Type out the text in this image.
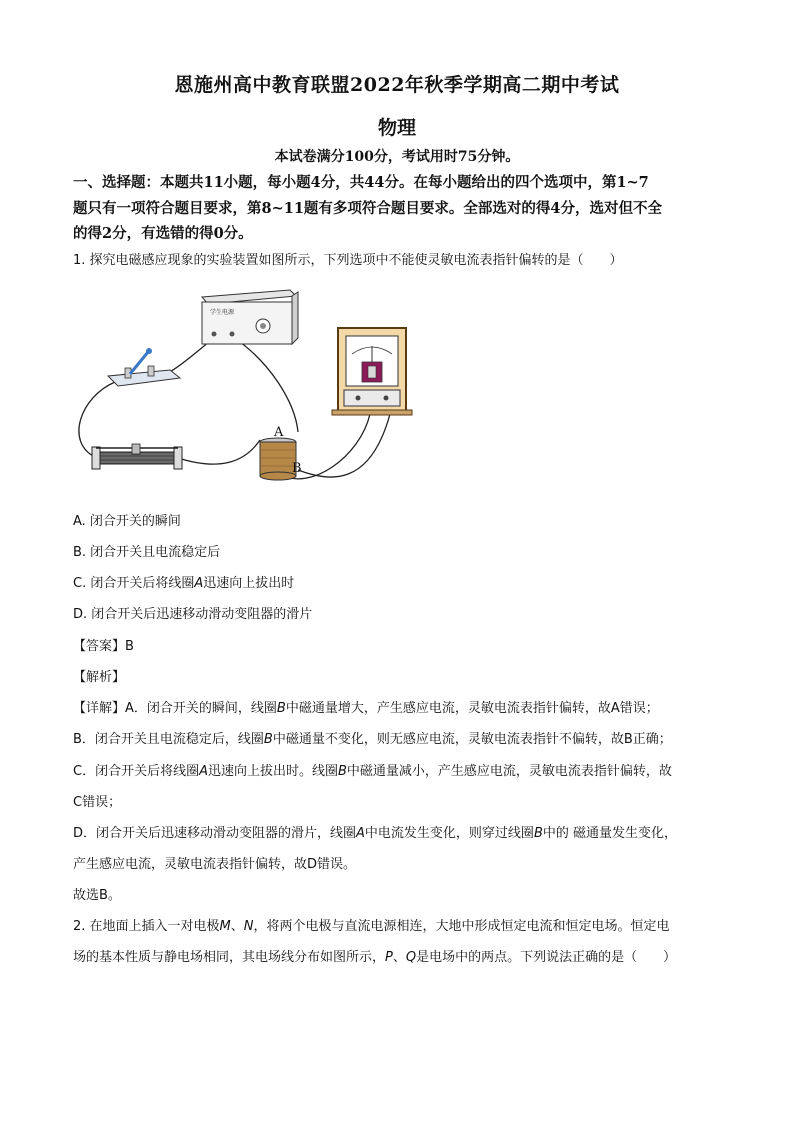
恩施州高中教育联盟2022年秋季学期高二期中考试
物理
本试卷满分100分，考试用时75分钟。
一、选择题：本题共11小题，每小题4分，共44分。在每小题给出的四个选项中，第1~7
题只有一项符合题目要求，第8~11题有多项符合题目要求。全部选对的得4分，选对但不全
的得2分，有选错的得0分。
1. 探究电磁感应现象的实验装置如图所示，下列选项中不能使灵敏电流表指针偏转的是（　　）
学生电源
A
B
A. 闭合开关的瞬间
B. 闭合开关且电流稳定后
C. 闭合开关后将线圈A迅速向上拔出时
D. 闭合开关后迅速移动滑动变阻器的滑片
【答案】B
【解析】
【详解】A．闭合开关的瞬间，线圈B中磁通量增大，产生感应电流，灵敏电流表指针偏转，故A错误；
B．闭合开关且电流稳定后，线圈B中磁通量不变化，则无感应电流，灵敏电流表指针不偏转，故B正确；
C．闭合开关后将线圈A迅速向上拔出时。线圈B中磁通量减小，产生感应电流，灵敏电流表指针偏转，故
C错误；
D．闭合开关后迅速移动滑动变阻器的滑片，线圈A中电流发生变化，则穿过线圈B中的 磁通量发生变化，
产生感应电流，灵敏电流表指针偏转，故D错误。
故选B。
2. 在地面上插入一对电极M、N，将两个电极与直流电源相连，大地中形成恒定电流和恒定电场。恒定电
场的基本性质与静电场相同，其电场线分布如图所示，P、Q是电场中的两点。下列说法正确的是（　　）
